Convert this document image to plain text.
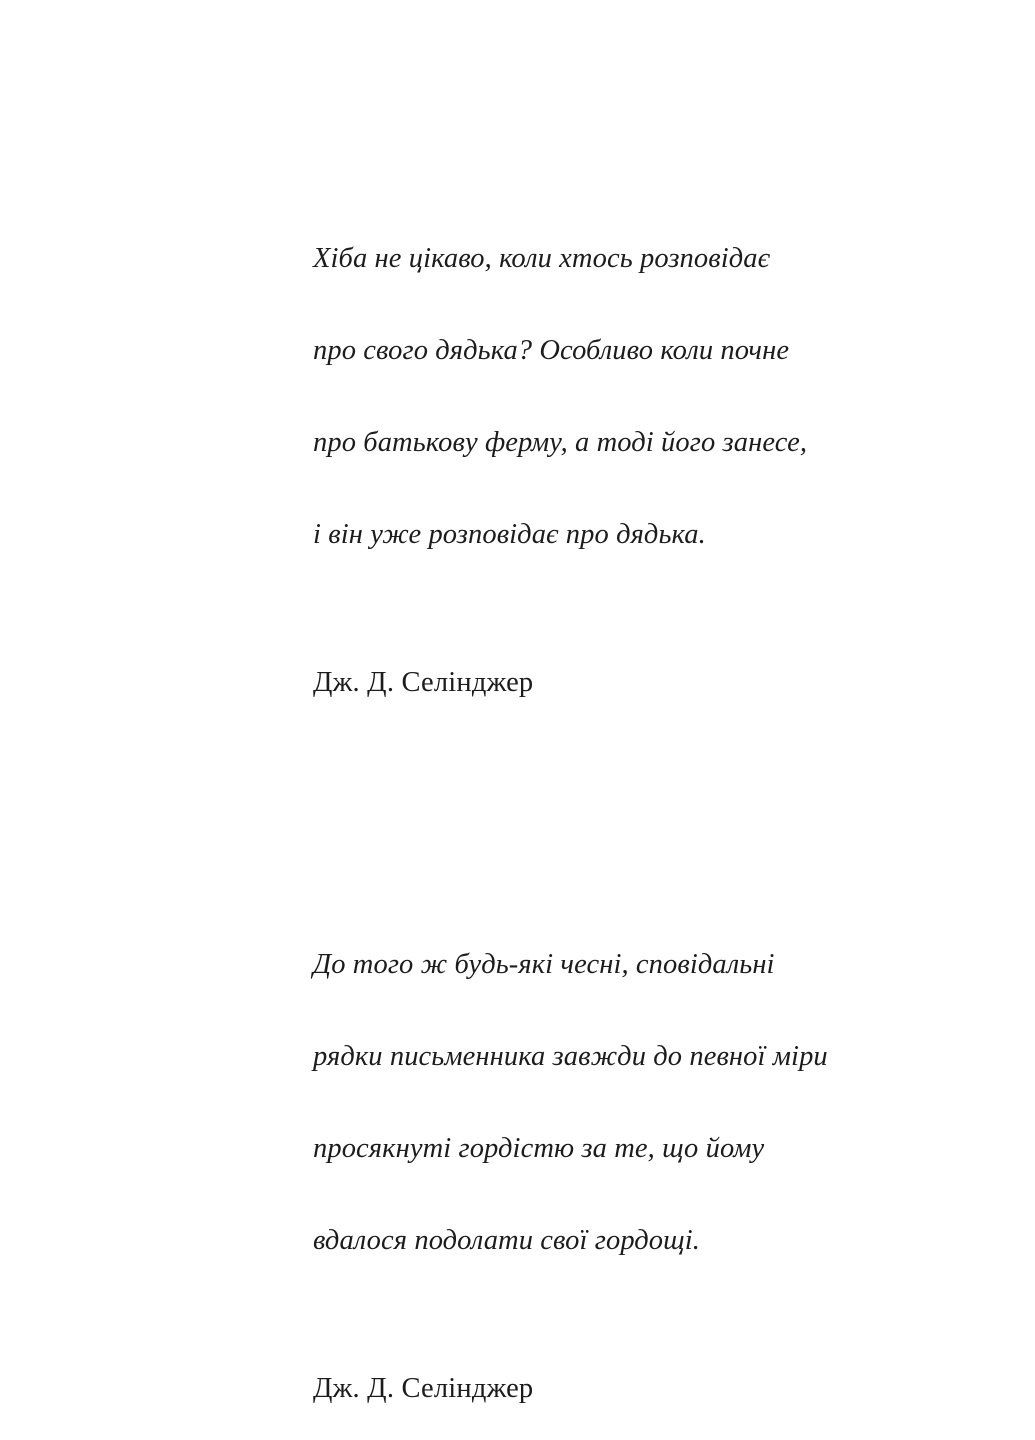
Хіба не цікаво, коли хтось розповідає

про свого дядька? Особливо коли почне

про батькову ферму, а тоді його занесе,

і він уже розповідає про дядька.

Дж. Д. Селінджер

До того ж будь-які чесні, сповідальні

рядки письменника завжди до певної міри

просякнуті гордістю за те, що йому

вдалося подолати свої гордощі.

Дж. Д. Селінджер
